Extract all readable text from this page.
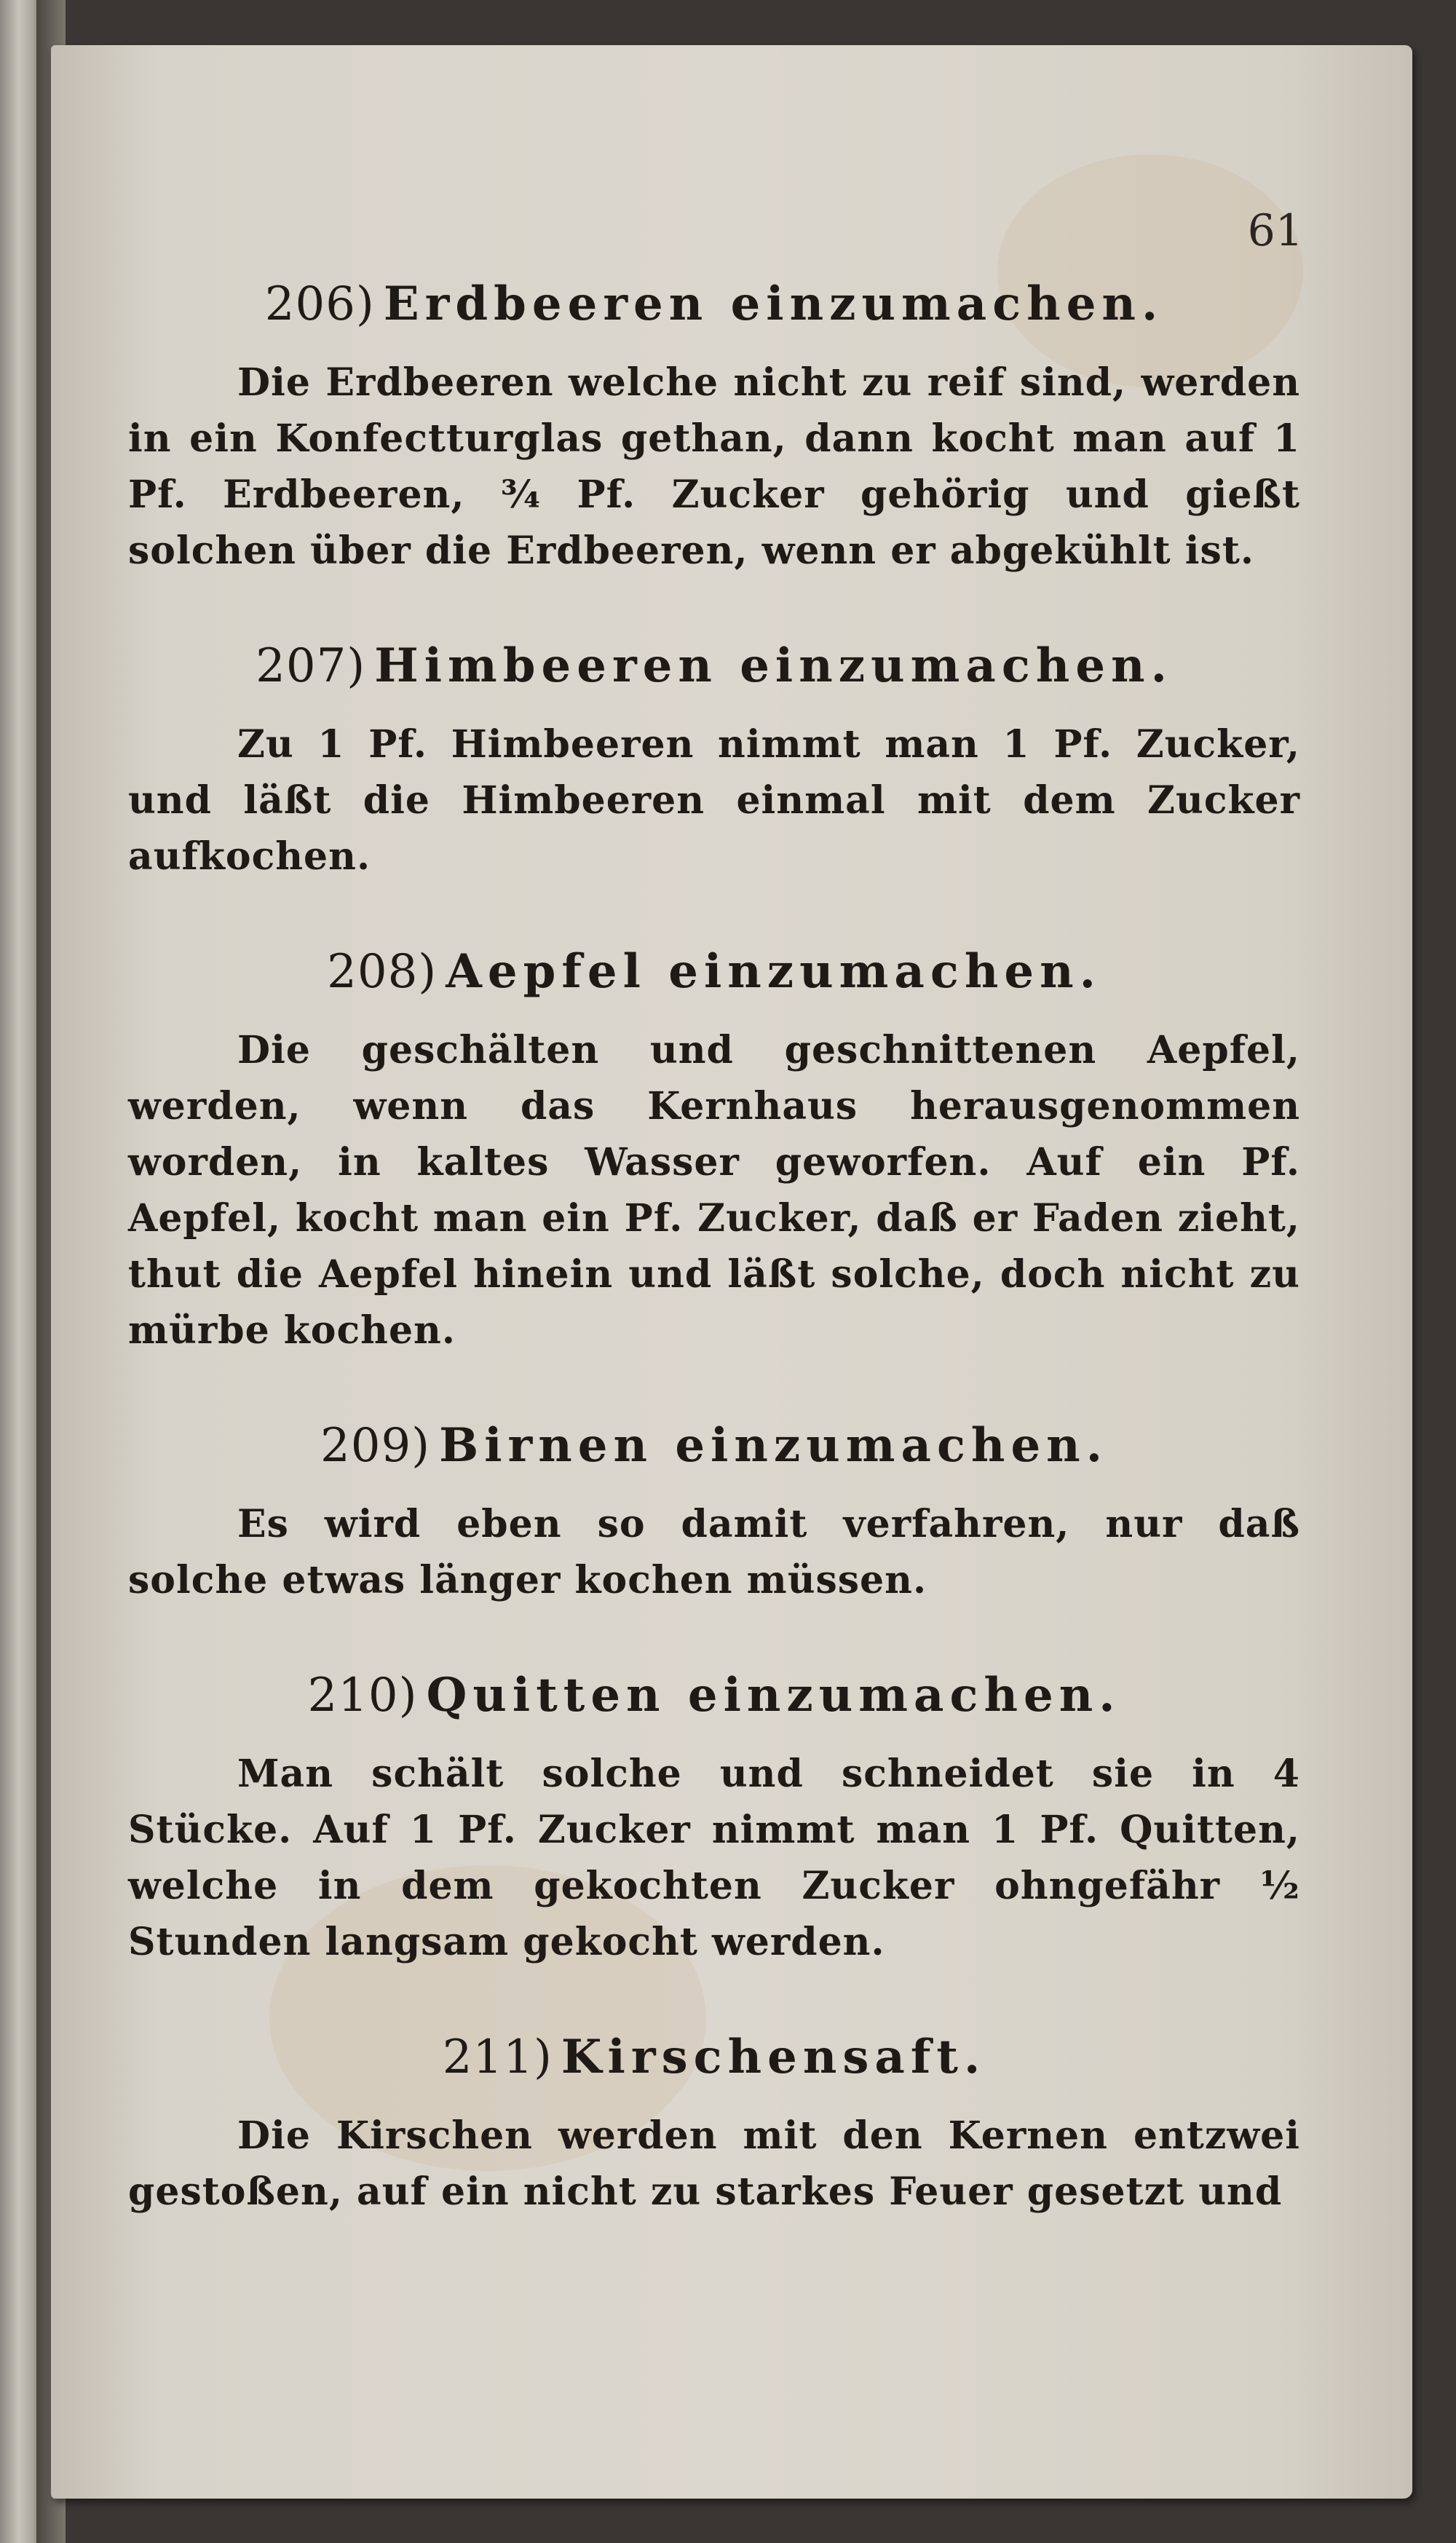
61

206) Erdbeeren einzumachen.

Die Erdbeeren welche nicht zu reif sind, werden in ein Konfectturglas gethan, dann kocht man auf 1 Pf. Erdbeeren, ¾ Pf. Zucker gehörig und gießt solchen über die Erdbeeren, wenn er abgekühlt ist.

207) Himbeeren einzumachen.

Zu 1 Pf. Himbeeren nimmt man 1 Pf. Zucker, und läßt die Himbeeren einmal mit dem Zucker aufkochen.

208) Aepfel einzumachen.

Die geschälten und geschnittenen Aepfel, werden, wenn das Kernhaus herausgenommen worden, in kaltes Wasser geworfen. Auf ein Pf. Aepfel, kocht man ein Pf. Zucker, daß er Faden zieht, thut die Aepfel hinein und läßt solche, doch nicht zu mürbe kochen.

209) Birnen einzumachen.

Es wird eben so damit verfahren, nur daß solche etwas länger kochen müssen.

210) Quitten einzumachen.

Man schält solche und schneidet sie in 4 Stücke. Auf 1 Pf. Zucker nimmt man 1 Pf. Quitten, welche in dem gekochten Zucker ohngefähr ½ Stunden langsam gekocht werden.

211) Kirschensaft.

Die Kirschen werden mit den Kernen entzwei gestoßen, auf ein nicht zu starkes Feuer gesetzt und
